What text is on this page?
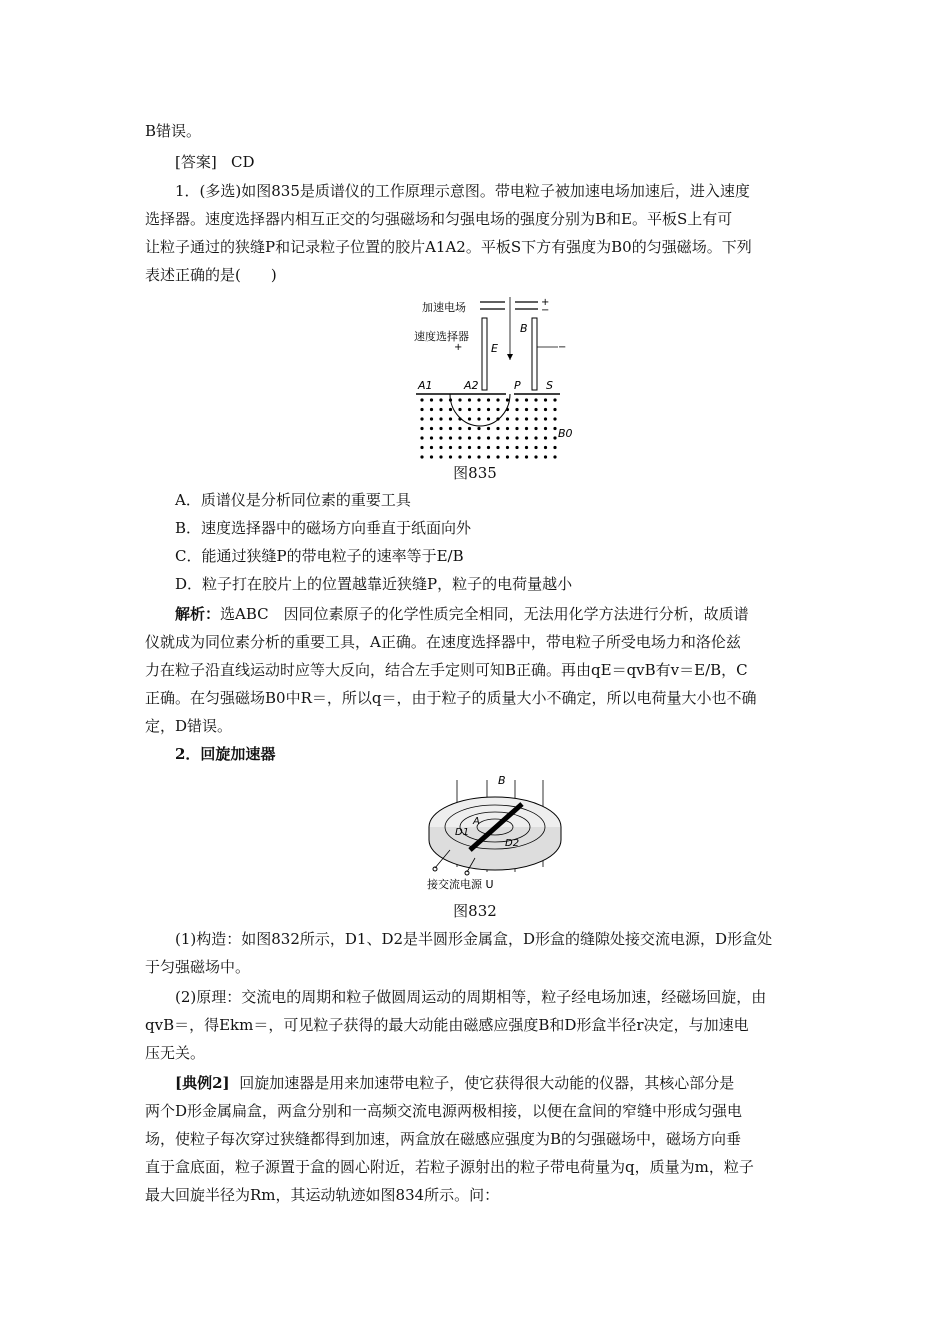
B错误。

[答案] CD

1．(多选)如图835是质谱仪的工作原理示意图。带电粒子被加速电场加速后，进入速度

选择器。速度选择器内相互正交的匀强磁场和匀强电场的强度分别为B和E。平板S上有可

让粒子通过的狭缝P和记录粒子位置的胶片A1A2。平板S下方有强度为B0的匀强磁场。下列

表述正确的是(　　)

加速电场	+
−
速度选择器
E
B
+	−
A1	A2	P S
B0
图835

A．质谱仪是分析同位素的重要工具

B．速度选择器中的磁场方向垂直于纸面向外

C．能通过狭缝P的带电粒子的速率等于E/B

D．粒子打在胶片上的位置越靠近狭缝P，粒子的电荷量越小

解析：选ABC　因同位素原子的化学性质完全相同，无法用化学方法进行分析，故质谱

仪就成为同位素分析的重要工具，A正确。在速度选择器中，带电粒子所受电场力和洛伦兹

力在粒子沿直线运动时应等大反向，结合左手定则可知B正确。再由qE＝qvB有v＝E/B，C

正确。在匀强磁场B0中R＝，所以q＝，由于粒子的质量大小不确定，所以电荷量大小也不确

定，D错误。

2．回旋加速器

B
A
D1
D2
接交流电源 U
图832

(1)构造：如图832所示，D1、D2是半圆形金属盒，D形盒的缝隙处接交流电源，D形盒处

于匀强磁场中。

(2)原理：交流电的周期和粒子做圆周运动的周期相等，粒子经电场加速，经磁场回旋，由

qvB＝，得Ekm＝，可见粒子获得的最大动能由磁感应强度B和D形盒半径r决定，与加速电

压无关。

[典例2] 回旋加速器是用来加速带电粒子，使它获得很大动能的仪器，其核心部分是

两个D形金属扁盒，两盒分别和一高频交流电源两极相接，以便在盒间的窄缝中形成匀强电

场，使粒子每次穿过狭缝都得到加速，两盒放在磁感应强度为B的匀强磁场中，磁场方向垂

直于盒底面，粒子源置于盒的圆心附近，若粒子源射出的粒子带电荷量为q，质量为m，粒子

最大回旋半径为Rm，其运动轨迹如图834所示。问：
